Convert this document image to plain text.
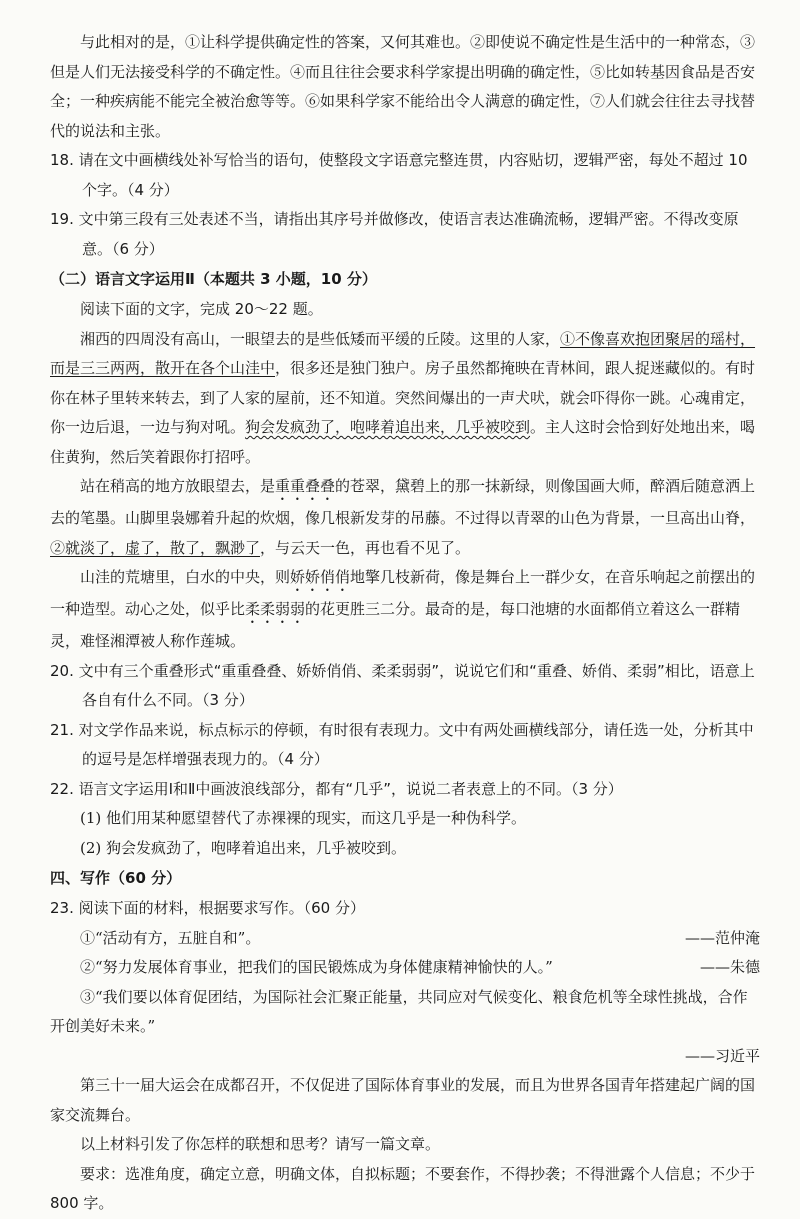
与此相对的是，①让科学提供确定性的答案，又何其难也。②即使说不确定性是生活中的一种常态，③但是人们无法接受科学的不确定性。④而且往往会要求科学家提出明确的确定性，⑤比如转基因食品是否安全；一种疾病能不能完全被治愈等等。⑥如果科学家不能给出令人满意的确定性，⑦人们就会往往去寻找替代的说法和主张。

18. 请在文中画横线处补写恰当的语句，使整段文字语意完整连贯，内容贴切，逻辑严密，每处不超过 10 个字。（4 分）

19. 文中第三段有三处表述不当，请指出其序号并做修改，使语言表达准确流畅，逻辑严密。不得改变原意。（6 分）

（二）语言文字运用Ⅱ（本题共 3 小题，10 分）

阅读下面的文字，完成 20～22 题。

湘西的四周没有高山，一眼望去的是些低矮而平缓的丘陵。这里的人家，①不像喜欢抱团聚居的瑶村，而是三三两两，散开在各个山洼中，很多还是独门独户。房子虽然都掩映在青林间，跟人捉迷藏似的。有时你在林子里转来转去，到了人家的屋前，还不知道。突然间爆出的一声犬吠，就会吓得你一跳。心魂甫定，你一边后退，一边与狗对吼。狗会发疯劲了，咆哮着追出来，几乎被咬到。主人这时会恰到好处地出来，喝住黄狗，然后笑着跟你打招呼。

站在稍高的地方放眼望去，是重重叠叠的苍翠，黛碧上的那一抹新绿，则像国画大师，醉酒后随意洒上去的笔墨。山脚里袅娜着升起的炊烟，像几根新发芽的吊藤。不过得以青翠的山色为背景，一旦高出山脊，②就淡了，虚了，散了，飘渺了，与云天一色，再也看不见了。

山洼的荒塘里，白水的中央，则娇娇俏俏地擎几枝新荷，像是舞台上一群少女，在音乐响起之前摆出的一种造型。动心之处，似乎比柔柔弱弱的花更胜三二分。最奇的是，每口池塘的水面都俏立着这么一群精灵，难怪湘潭被人称作莲城。

20. 文中有三个重叠形式“重重叠叠、娇娇俏俏、柔柔弱弱”，说说它们和“重叠、娇俏、柔弱”相比，语意上各自有什么不同。（3 分）

21. 对文学作品来说，标点标示的停顿，有时很有表现力。文中有两处画横线部分，请任选一处，分析其中的逗号是怎样增强表现力的。（4 分）

22. 语言文字运用Ⅰ和Ⅱ中画波浪线部分，都有“几乎”，说说二者表意上的不同。（3 分）

(1) 他们用某种愿望替代了赤裸裸的现实，而这几乎是一种伪科学。

(2) 狗会发疯劲了，咆哮着追出来，几乎被咬到。

四、写作（60 分）

23. 阅读下面的材料，根据要求写作。（60 分）

①“活动有方，五脏自和”。	——范仲淹
②“努力发展体育事业，把我们的国民锻炼成为身体健康精神愉快的人。”	——朱德

③“我们要以体育促团结，为国际社会汇聚正能量，共同应对气候变化、粮食危机等全球性挑战，合作开创美好未来。”

——习近平

第三十一届大运会在成都召开，不仅促进了国际体育事业的发展，而且为世界各国青年搭建起广阔的国家交流舞台。

以上材料引发了你怎样的联想和思考？请写一篇文章。

要求：选准角度，确定立意，明确文体，自拟标题；不要套作，不得抄袭；不得泄露个人信息；不少于 800 字。
